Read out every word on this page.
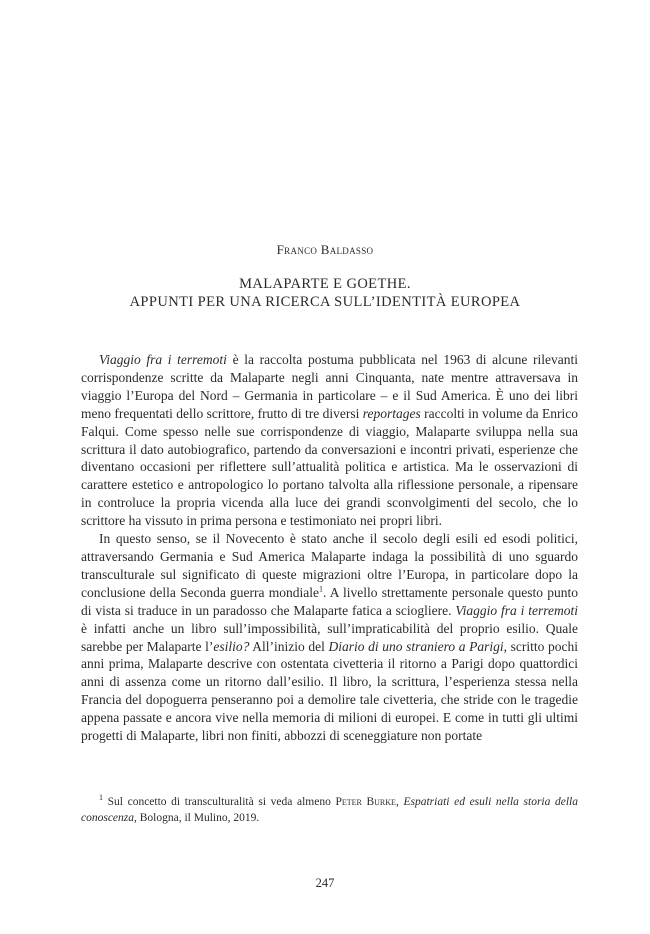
Franco Baldasso
MALAPARTE E GOETHE.
APPUNTI PER UNA RICERCA SULL’IDENTITÀ EUROPEA

Viaggio fra i terremoti è la raccolta postuma pubblicata nel 1963 di alcune rilevanti corrispondenze scritte da Malaparte negli anni Cinquanta, nate mentre attraversava in viaggio l’Europa del Nord – Germania in particolare – e il Sud America. È uno dei libri meno frequentati dello scrittore, frutto di tre diversi reportages raccolti in volume da Enrico Falqui. Come spesso nelle sue corrispondenze di viaggio, Malaparte sviluppa nella sua scrittura il dato autobiografico, partendo da conversazioni e incontri privati, esperienze che diventano occasioni per riflettere sull’attualità politica e artistica. Ma le osservazioni di carattere estetico e antropologico lo portano talvolta alla riflessione personale, a ripensare in controluce la propria vicenda alla luce dei grandi sconvolgimenti del secolo, che lo scrittore ha vissuto in prima persona e testimoniato nei propri libri.

In questo senso, se il Novecento è stato anche il secolo degli esili ed esodi politici, attraversando Germania e Sud America Malaparte indaga la possibilità di uno sguardo transculturale sul significato di queste migrazioni oltre l’Europa, in particolare dopo la conclusione della Seconda guerra mondiale$^1$. A livello strettamente personale questo punto di vista si traduce in un paradosso che Malaparte fatica a sciogliere. Viaggio fra i terremoti è infatti anche un libro sull’impossibilità, sull’impraticabilità del proprio esilio. Quale sarebbe per Malaparte l’esilio? All’inizio del Diario di uno straniero a Parigi, scritto pochi anni prima, Malaparte descrive con ostentata civetteria il ritorno a Parigi dopo quattordici anni di assenza come un ritorno dall’esilio. Il libro, la scrittura, l’esperienza stessa nella Francia del dopoguerra penseranno poi a demolire tale civetteria, che stride con le tragedie appena passate e ancora vive nella memoria di milioni di europei. E come in tutti gli ultimi progetti di Malaparte, libri non finiti, abbozzi di sceneggiature non portate

$^1$ Sul concetto di transculturalità si veda almeno Peter Burke, Espatriati ed esuli nella storia della conoscenza, Bologna, il Mulino, 2019.

247
